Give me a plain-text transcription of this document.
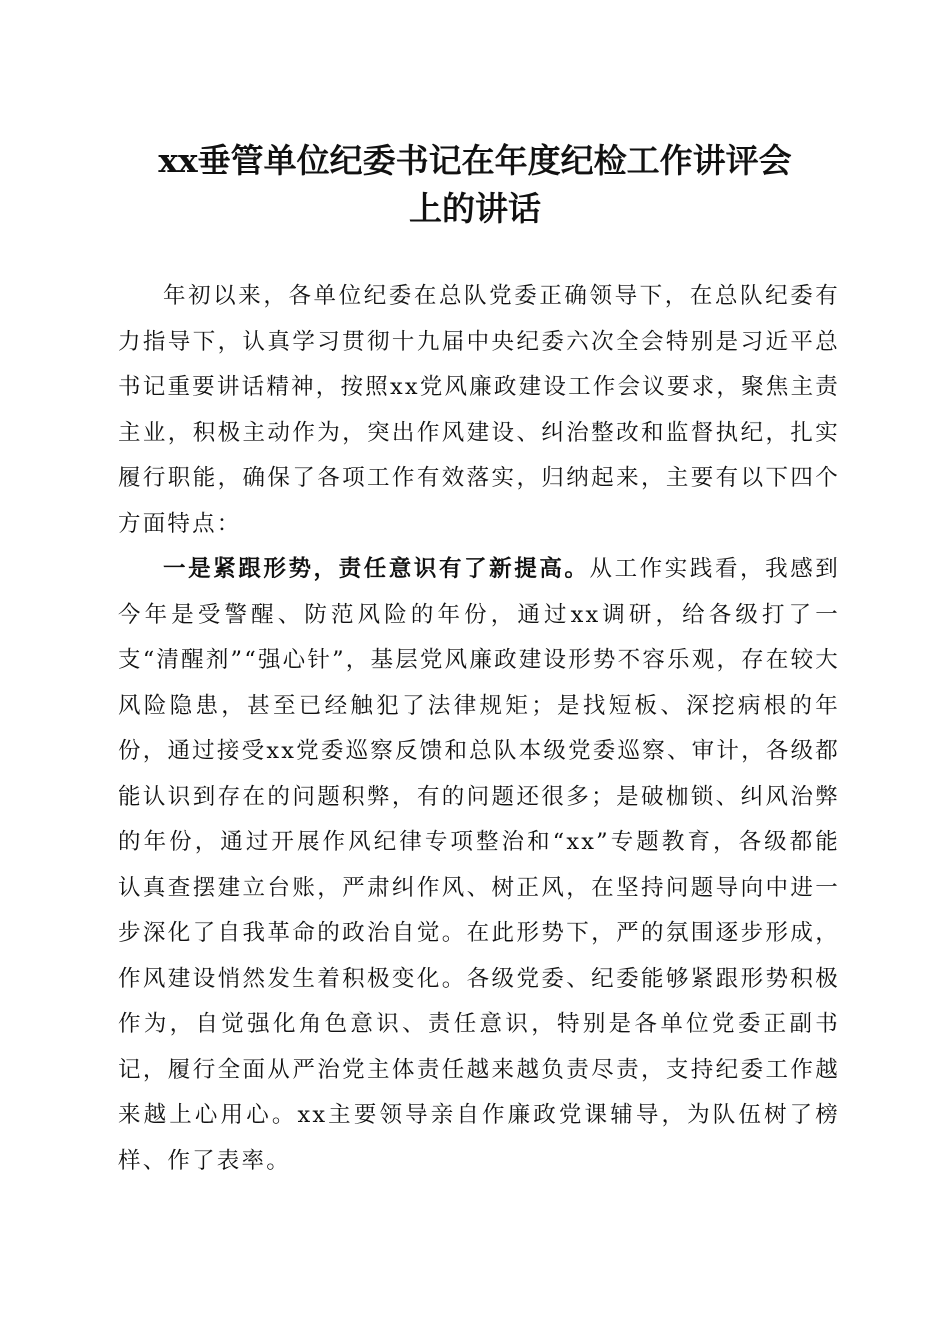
xx垂管单位纪委书记在年度纪检工作讲评会
上的讲话

年初以来，各单位纪委在总队党委正确领导下，在总队纪委有力指导下，认真学习贯彻十九届中央纪委六次全会特别是习近平总书记重要讲话精神，按照xx党风廉政建设工作会议要求，聚焦主责主业，积极主动作为，突出作风建设、纠治整改和监督执纪，扎实履行职能，确保了各项工作有效落实，归纳起来，主要有以下四个方面特点：

一是紧跟形势，责任意识有了新提高。从工作实践看，我感到今年是受警醒、防范风险的年份，通过xx调研，给各级打了一支“清醒剂”“强心针”，基层党风廉政建设形势不容乐观，存在较大风险隐患，甚至已经触犯了法律规矩；是找短板、深挖病根的年份，通过接受xx党委巡察反馈和总队本级党委巡察、审计，各级都能认识到存在的问题积弊，有的问题还很多；是破枷锁、纠风治弊的年份，通过开展作风纪律专项整治和“xx”专题教育，各级都能认真查摆建立台账，严肃纠作风、树正风，在坚持问题导向中进一步深化了自我革命的政治自觉。在此形势下，严的氛围逐步形成，作风建设悄然发生着积极变化。各级党委、纪委能够紧跟形势积极作为，自觉强化角色意识、责任意识，特别是各单位党委正副书记，履行全面从严治党主体责任越来越负责尽责，支持纪委工作越来越上心用心。xx主要领导亲自作廉政党课辅导，为队伍树了榜样、作了表率。
